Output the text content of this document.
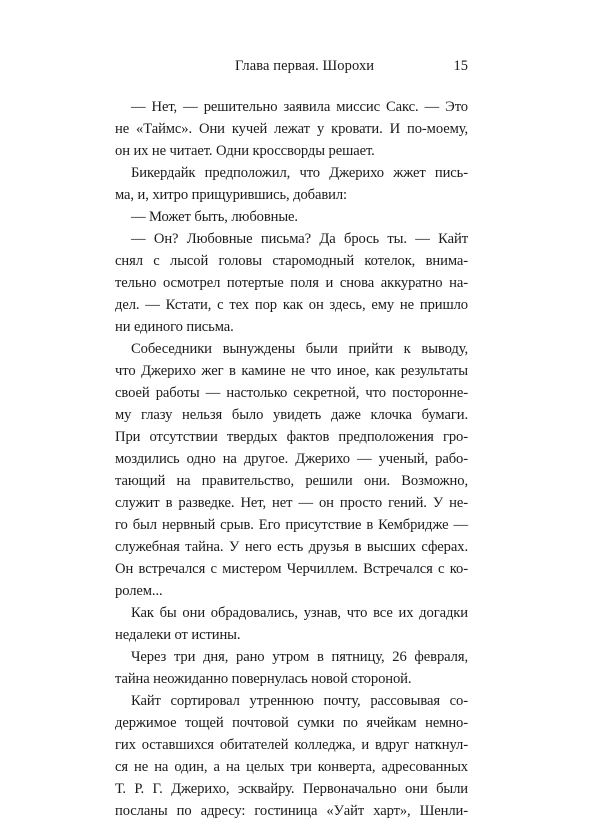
Глава первая. Шорохи	15
— Нет, — решительно заявила миссис Сакс. — Это
не «Таймс». Они кучей лежат у кровати. И по-моему,
он их не читает. Одни кроссворды решает.
Бикердайк предположил, что Джерихо жжет пись-
ма, и, хитро прищурившись, добавил:
— Может быть, любовные.
— Он? Любовные письма? Да брось ты. — Кайт
снял с лысой головы старомодный котелок, внима-
тельно осмотрел потертые поля и снова аккуратно на-
дел. — Кстати, с тех пор как он здесь, ему не пришло
ни единого письма.
Собеседники вынуждены были прийти к выводу,
что Джерихо жег в камине не что иное, как результаты
своей работы — настолько секретной, что постороннe-
му глазу нельзя было увидеть даже клочка бумаги.
При отсутствии твердых фактов предположения гро-
моздились одно на другое. Джерихо — ученый, рабо-
тающий на правительство, решили они. Возможно,
служит в разведке. Нет, нет — он просто гений. У не-
го был нервный срыв. Его присутствие в Кембридже —
служебная тайна. У него есть друзья в высших сферах.
Он встречался с мистером Черчиллем. Встречался с ко-
ролем...
Как бы они обрадовались, узнав, что все их догадки
недалеки от истины.
Через три дня, рано утром в пятницу, 26 февраля,
тайна неожиданно повернулась новой стороной.
Кайт сортировал утреннюю почту, рассовывая со-
держимое тощей почтовой сумки по ячейкам немно-
гих оставшихся обитателей колледжа, и вдруг наткнул-
ся не на один, а на целых три конверта, адресованных
Т. Р. Г. Джерихо, эсквайру. Первоначально они были
посланы по адресу: гостиница «Уайт харт», Шенли-
